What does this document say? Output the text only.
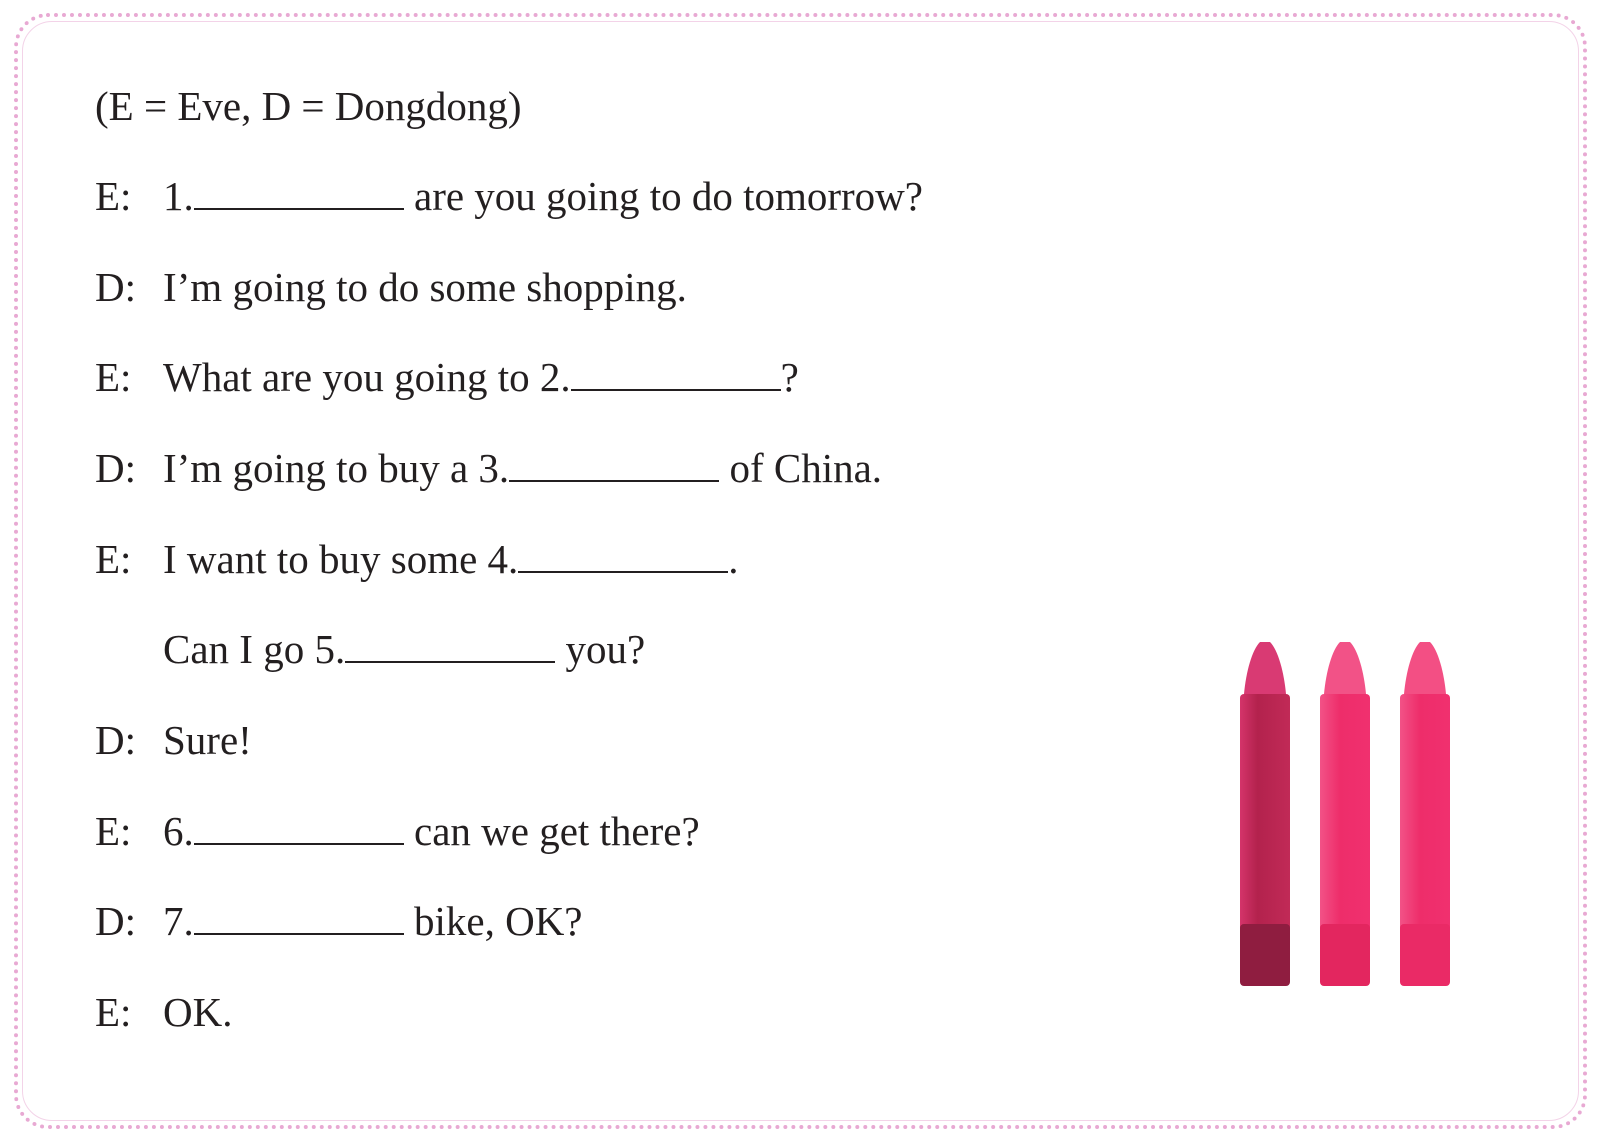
(E = Eve, D = Dongdong)
E: 1.	are you going to do tomorrow?
D: I’m going to do some shopping.
E: What are you going to 2.	?
D: I’m going to buy a 3.	of China.
E: I want to buy some 4.	.
Can I go 5.	you?
D: Sure!
E: 6.	can we get there?
D: 7.	bike, OK?
E: OK.
